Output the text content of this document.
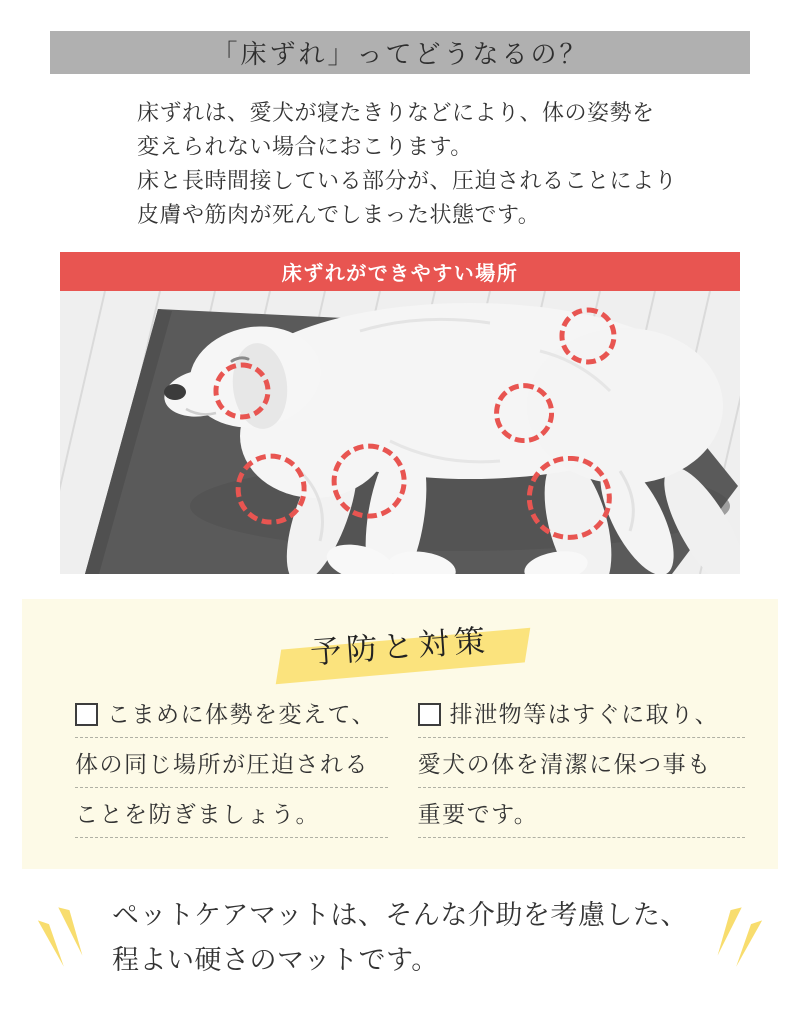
「床ずれ」ってどうなるの？

床ずれは、愛犬が寝たきりなどにより、体の姿勢を

変えられない場合におこります。

床と長時間接している部分が、圧迫されることにより

皮膚や筋肉が死んでしまった状態です。

床ずれができやすい場所
予防と対策
こまめに体勢を変えて、
体の同じ場所が圧迫される
ことを防ぎましょう。
排泄物等はすぐに取り、
愛犬の体を清潔に保つ事も
重要です。

ペットケアマットは、そんな介助を考慮した、

程よい硬さのマットです。
